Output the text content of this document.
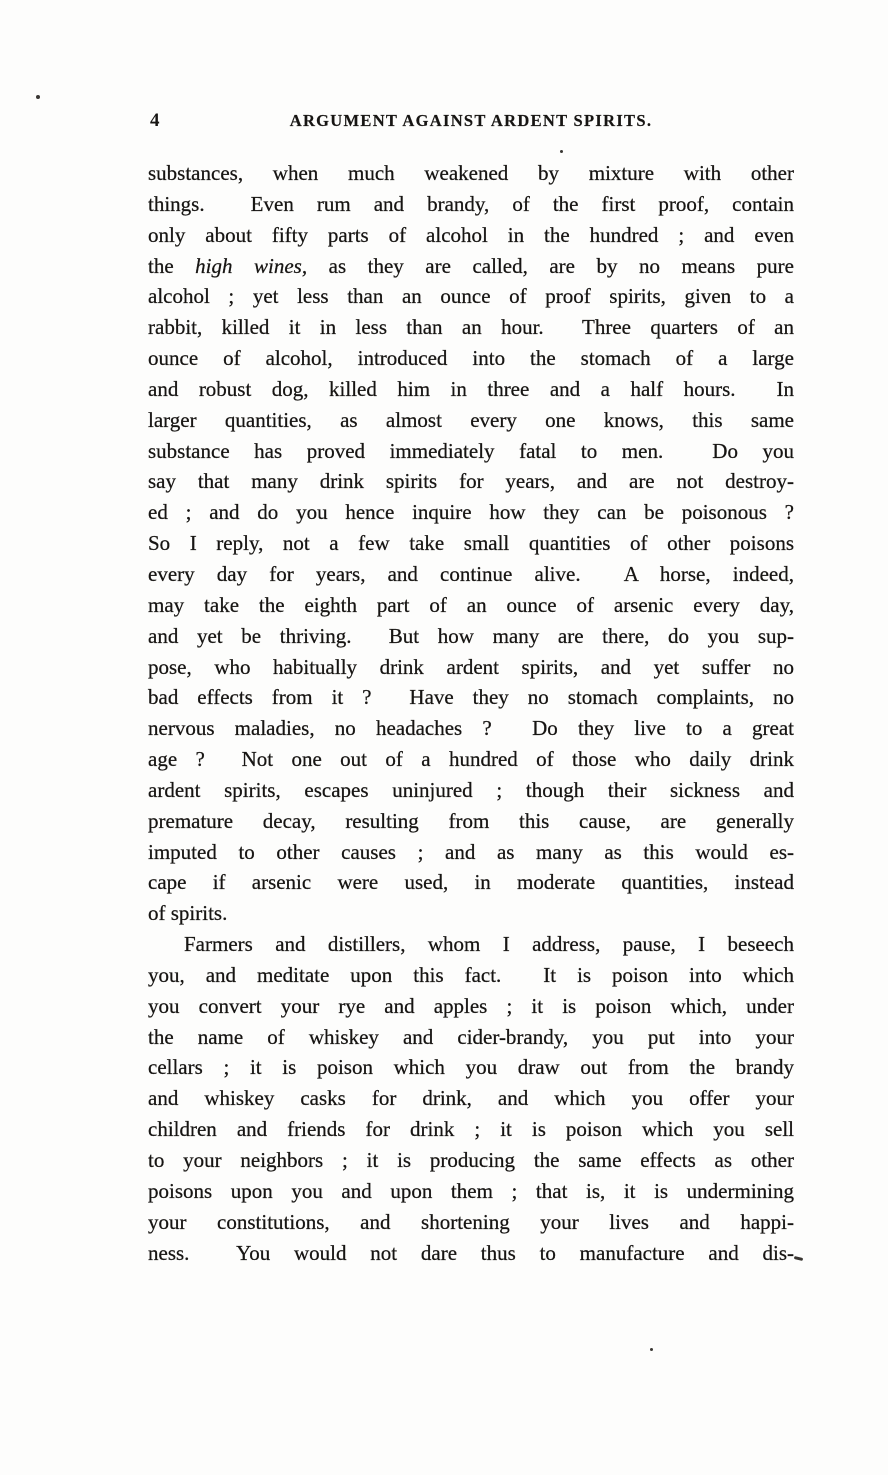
4	ARGUMENT AGAINST ARDENT SPIRITS.
substances, when much weakened by mixture with other
things.  Even rum and brandy, of the first proof, contain
only about fifty parts of alcohol in the hundred ; and even
the high wines, as they are called, are by no means pure
alcohol ; yet less than an ounce of proof spirits, given to a
rabbit, killed it in less than an hour.  Three quarters of an
ounce of alcohol, introduced into the stomach of a large
and robust dog, killed him in three and a half hours.  In
larger quantities, as almost every one knows, this same
substance has proved immediately fatal to men.  Do you
say that many drink spirits for years, and are not destroy-
ed ; and do you hence inquire how they can be poisonous ?
So I reply, not a few take small quantities of other poisons
every day for years, and continue alive.  A horse, indeed,
may take the eighth part of an ounce of arsenic every day,
and yet be thriving.  But how many are there, do you sup-
pose, who habitually drink ardent spirits, and yet suffer no
bad effects from it ?  Have they no stomach complaints, no
nervous maladies, no headaches ?  Do they live to a great
age ?  Not one out of a hundred of those who daily drink
ardent spirits, escapes uninjured ; though their sickness and
premature decay, resulting from this cause, are generally
imputed to other causes ; and as many as this would es-
cape if arsenic were used, in moderate quantities, instead
of spirits.
Farmers and distillers, whom I address, pause, I beseech
you, and meditate upon this fact.  It is poison into which
you convert your rye and apples ; it is poison which, under
the name of whiskey and cider-brandy, you put into your
cellars ; it is poison which you draw out from the brandy
and whiskey casks for drink, and which you offer your
children and friends for drink ; it is poison which you sell
to your neighbors ; it is producing the same effects as other
poisons upon you and upon them ; that is, it is undermining
your constitutions, and shortening your lives and happi-
ness.  You would not dare thus to manufacture and dis-
